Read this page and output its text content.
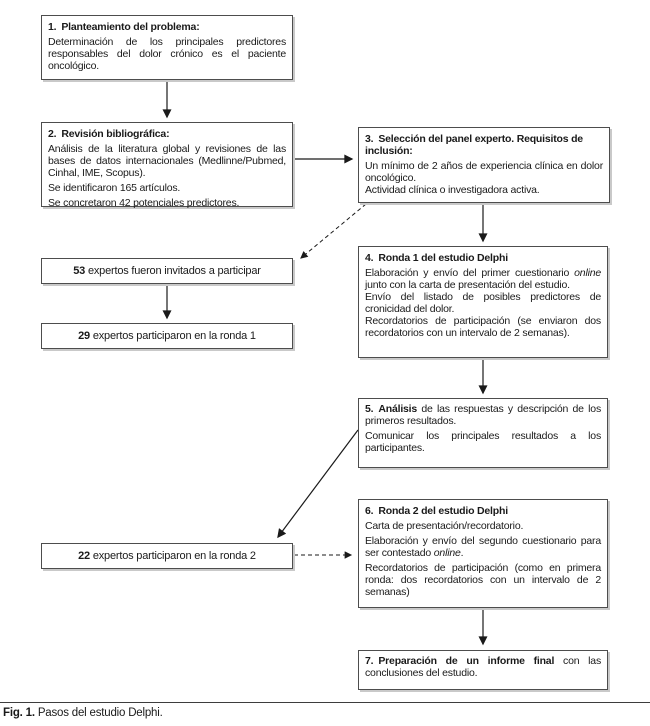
1. Planteamiento del problema:

Determinación de los principales predictores responsables del dolor crónico es el paciente oncológico.

2. Revisión bibliográfica:

Análisis de la literatura global y revisiones de las bases de datos internacionales (Medlinne/Pubmed, Cinhal, IME, Scopus).

Se identificaron 165 artículos.

Se concretaron 42 potenciales predictores.

3. Selección del panel experto. Requisitos de inclusión:

Un mínimo de 2 años de experiencia clínica en dolor oncológico.

Actividad clínica o investigadora activa.

4. Ronda 1 del estudio Delphi

Elaboración y envío del primer cuestionario online junto con la carta de presentación del estudio.

Envío del listado de posibles predictores de cronicidad del dolor.

Recordatorios de participación (se enviaron dos recordatorios con un intervalo de 2 semanas).

5. Análisis de las respuestas y descripción de los primeros resultados.

Comunicar los principales resultados a los participantes.

6. Ronda 2 del estudio Delphi

Carta de presentación/recordatorio.

Elaboración y envío del segundo cuestionario para ser contestado online.

Recordatorios de participación (como en primera ronda: dos recordatorios con un intervalo de 2 semanas)

7. Preparación de un informe final con las conclusiones del estudio.

53 expertos fueron invitados a participar
29 expertos participaron en la ronda 1
22 expertos participaron en la ronda 2
Fig. 1. Pasos del estudio Delphi.
